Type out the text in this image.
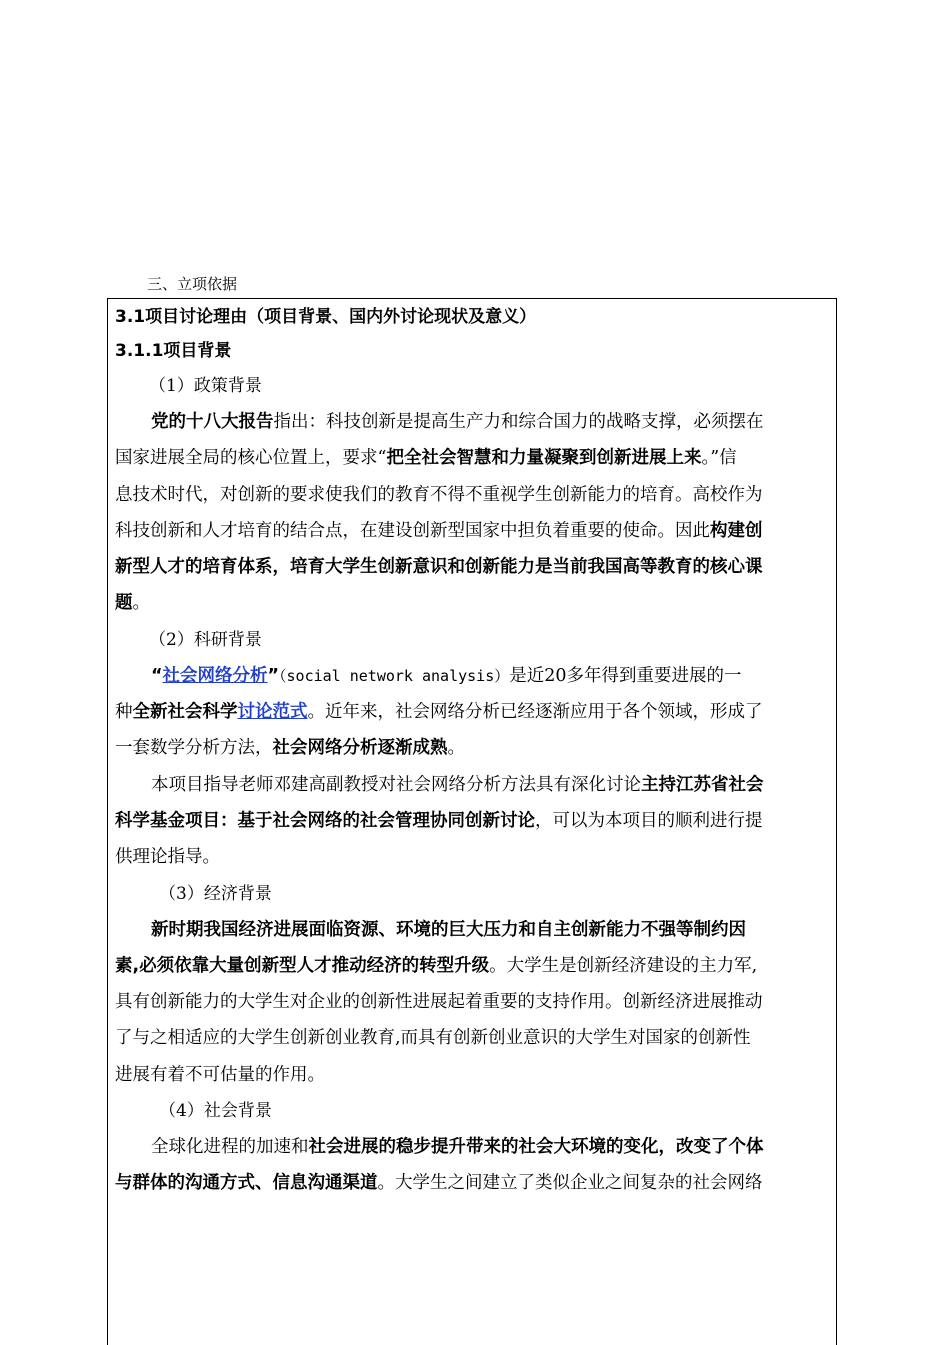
三、立项依据
3.1项目讨论理由（项目背景、国内外讨论现状及意义）
3.1.1项目背景
（1）政策背景
党的十八大报告指出：科技创新是提高生产力和综合国力的战略支撑，必须摆在
国家进展全局的核心位置上，要求“把全社会智慧和力量凝聚到创新进展上来。”信
息技术时代，对创新的要求使我们的教育不得不重视学生创新能力的培育。高校作为
科技创新和人才培育的结合点，在建设创新型国家中担负着重要的使命。因此构建创
新型人才的培育体系，培育大学生创新意识和创新能力是当前我国高等教育的核心课
题。
（2）科研背景
“社会网络分析”（social network analysis）是近20多年得到重要进展的一
种全新社会科学讨论范式。近年来，社会网络分析已经逐渐应用于各个领域，形成了
一套数学分析方法，社会网络分析逐渐成熟。
本项目指导老师邓建高副教授对社会网络分析方法具有深化讨论主持江苏省社会
科学基金项目：基于社会网络的社会管理协同创新讨论，可以为本项目的顺利进行提
供理论指导。
（3）经济背景
新时期我国经济进展面临资源、环境的巨大压力和自主创新能力不强等制约因
素,必须依靠大量创新型人才推动经济的转型升级。大学生是创新经济建设的主力军,
具有创新能力的大学生对企业的创新性进展起着重要的支持作用。创新经济进展推动
了与之相适应的大学生创新创业教育,而具有创新创业意识的大学生对国家的创新性
进展有着不可估量的作用。
（4）社会背景
全球化进程的加速和社会进展的稳步提升带来的社会大环境的变化，改变了个体
与群体的沟通方式、信息沟通渠道。大学生之间建立了类似企业之间复杂的社会网络
